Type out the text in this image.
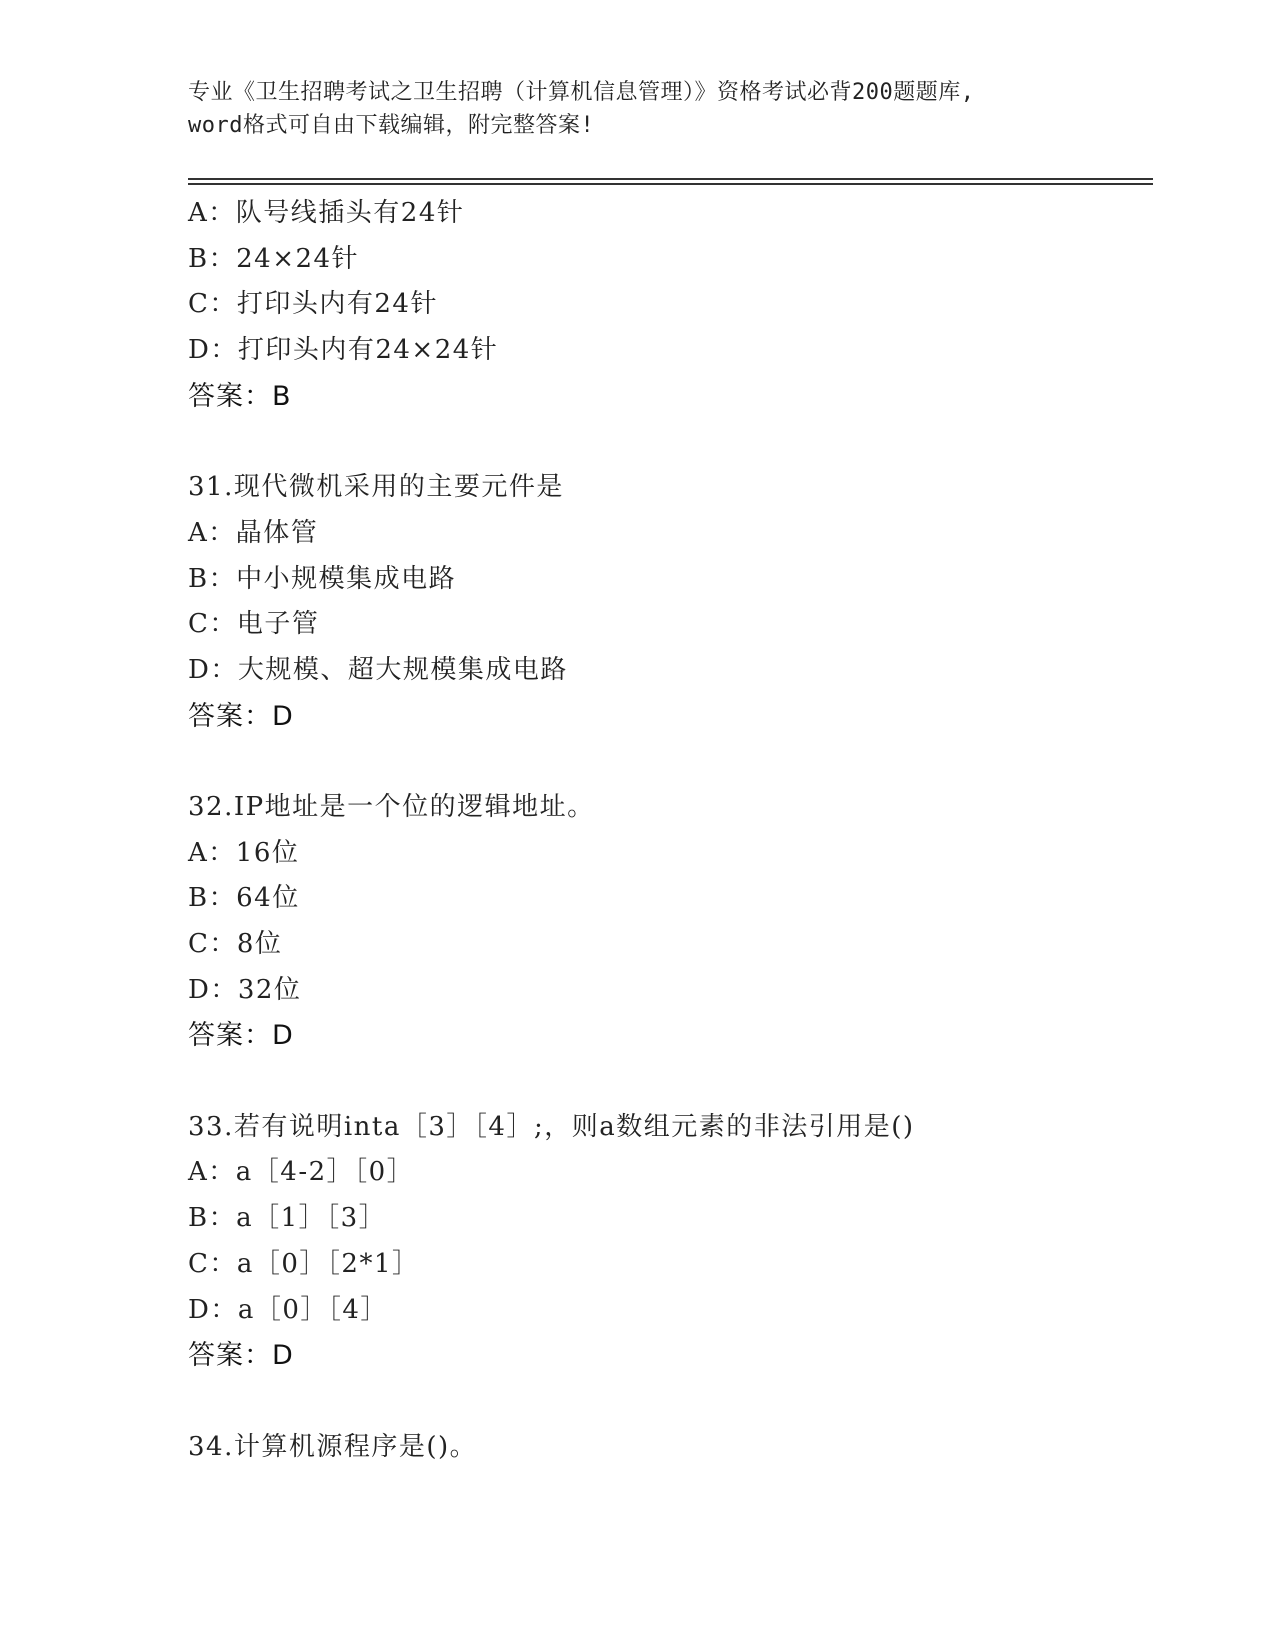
专业《卫生招聘考试之卫生招聘（计算机信息管理）》资格考试必背200题题库,
word格式可自由下载编辑，附完整答案!
A：队号线插头有24针
B：24×24针
C：打印头内有24针
D：打印头内有24×24针
答案：B
31.现代微机采用的主要元件是
A：晶体管
B：中小规模集成电路
C：电子管
D：大规模、超大规模集成电路
答案：D
32.IP地址是一个位的逻辑地址。
A：16位
B：64位
C：8位
D：32位
答案：D
33.若有说明inta［3］［4］;，则a数组元素的非法引用是()
A：a［4-2］［0］
B：a［1］［3］
C：a［0］［2*1］
D：a［0］［4］
答案：D
34.计算机源程序是()。
